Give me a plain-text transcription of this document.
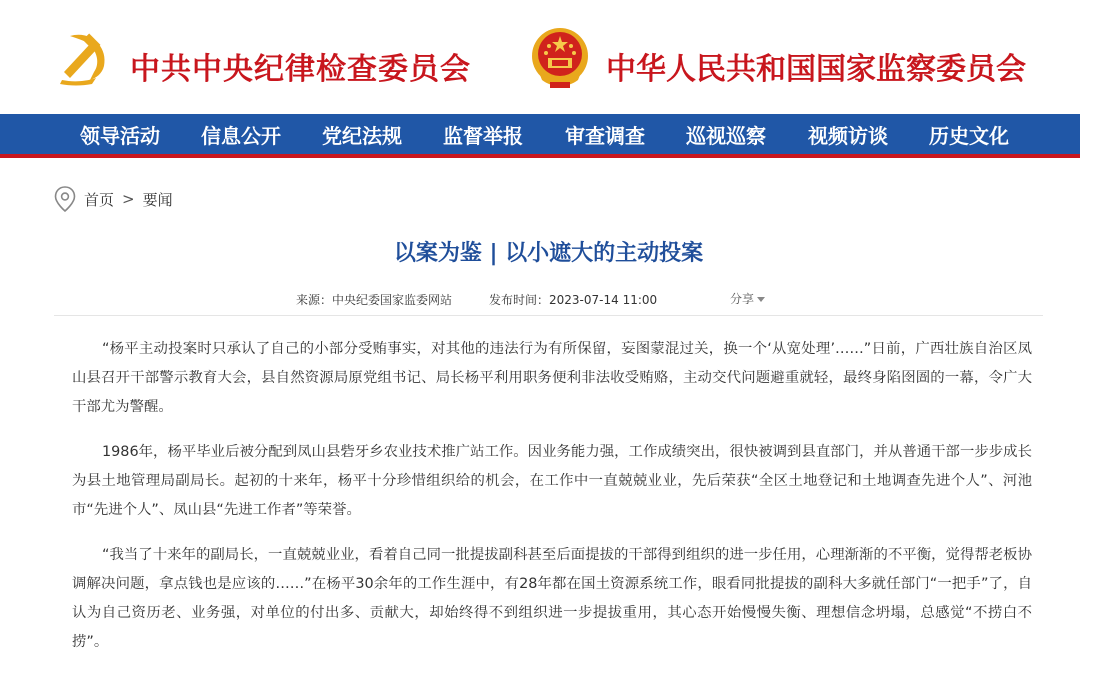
中共中央纪律检查委员会	中华人民共和国国家监察委员会
领导活动 信息公开 党纪法规 监督举报 审查调查 巡视巡察 视频访谈 历史文化
首页 > 要闻
以案为鉴 | 以小遮大的主动投案
来源：中央纪委国家监委网站	发布时间：2023-07-14 11:00	分享

“杨平主动投案时只承认了自己的小部分受贿事实，对其他的违法行为有所保留，妄图蒙混过关，换一个‘从宽处理’……”日前，广西壮族自治区凤山县召开干部警示教育大会，县自然资源局原党组书记、局长杨平利用职务便利非法收受贿赂，主动交代问题避重就轻，最终身陷囹圄的一幕，令广大干部尤为警醒。

1986年，杨平毕业后被分配到凤山县砦牙乡农业技术推广站工作。因业务能力强，工作成绩突出，很快被调到县直部门，并从普通干部一步步成长为县土地管理局副局长。起初的十来年，杨平十分珍惜组织给的机会，在工作中一直兢兢业业，先后荣获“全区土地登记和土地调查先进个人”、河池市“先进个人”、凤山县“先进工作者”等荣誉。

“我当了十来年的副局长，一直兢兢业业，看着自己同一批提拔副科甚至后面提拔的干部得到组织的进一步任用，心理渐渐的不平衡，觉得帮老板协调解决问题，拿点钱也是应该的……”在杨平30余年的工作生涯中，有28年都在国土资源系统工作，眼看同批提拔的副科大多就任部门“一把手”了，自认为自己资历老、业务强，对单位的付出多、贡献大，却始终得不到组织进一步提拔重用，其心态开始慢慢失衡、理想信念坍塌，总感觉“不捞白不捞”。
